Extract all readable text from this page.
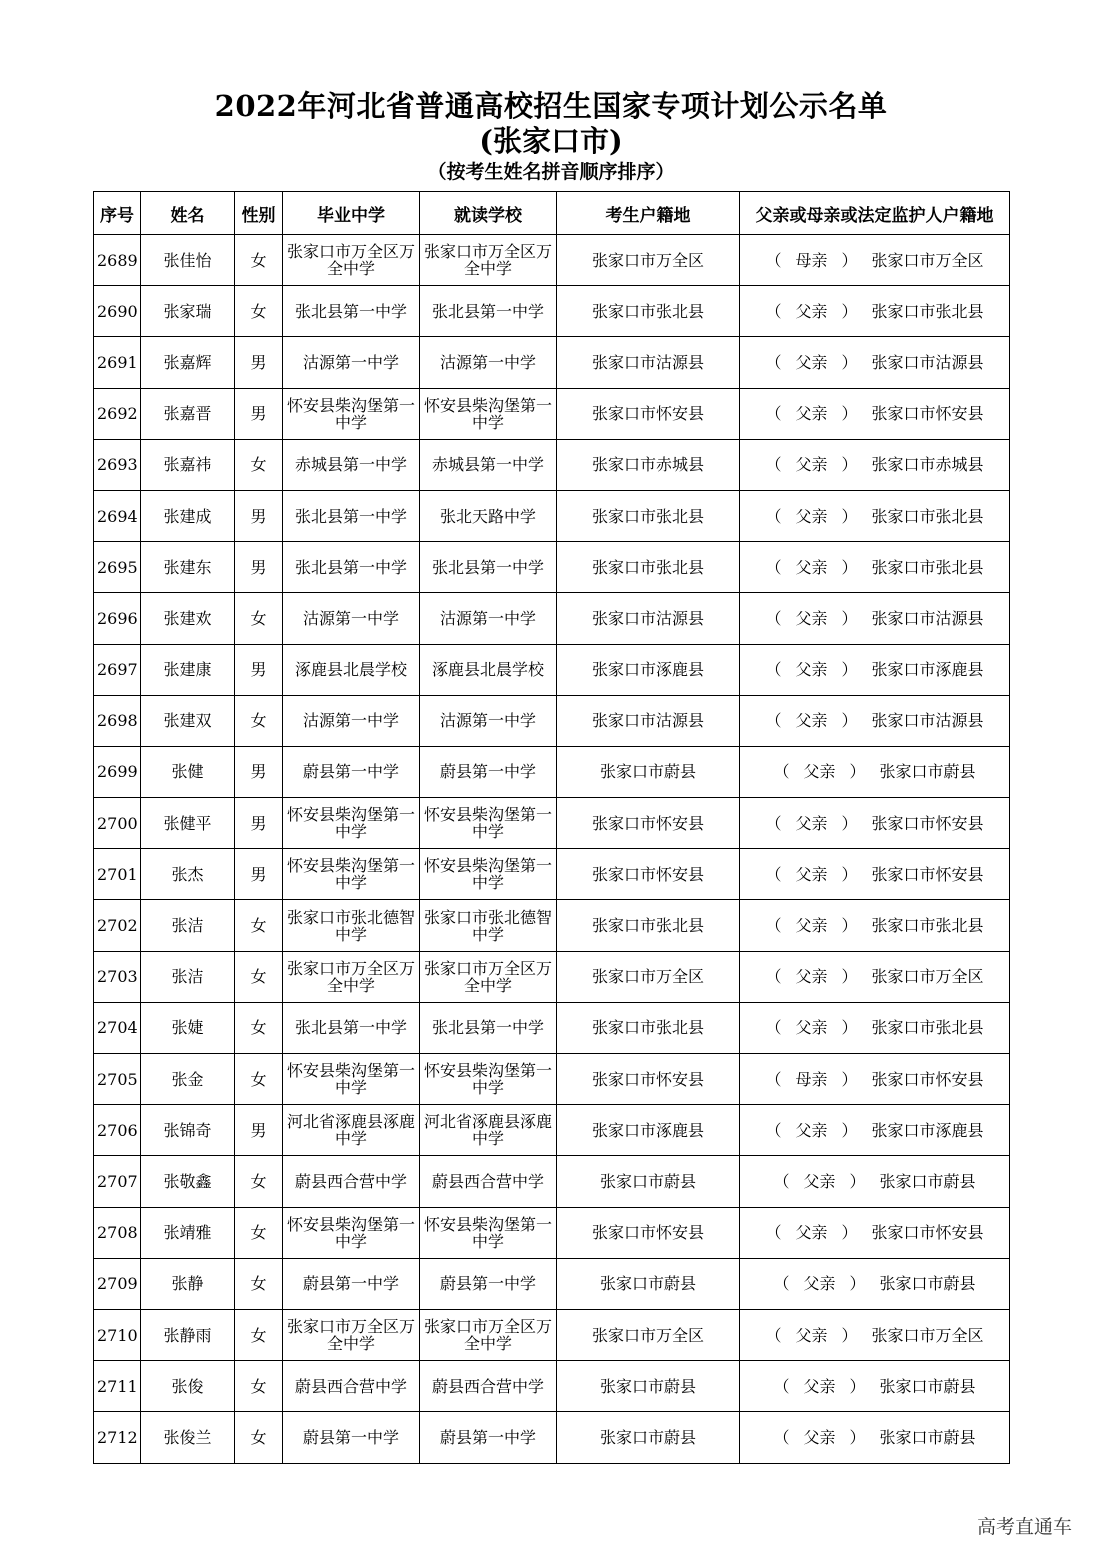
2022年河北省普通高校招生国家专项计划公示名单
(张家口市)
（按考生姓名拼音顺序排序）
序号	姓名	性别	毕业中学	就读学校	考生户籍地	父亲或母亲或法定监护人户籍地
2689	张佳怡	女	张家口市万全区万全中学	张家口市万全区万全中学	张家口市万全区	（ 母亲 ） 张家口市万全区
2690	张家瑞	女	张北县第一中学	张北县第一中学	张家口市张北县	（ 父亲 ） 张家口市张北县
2691	张嘉辉	男	沽源第一中学	沽源第一中学	张家口市沽源县	（ 父亲 ） 张家口市沽源县
2692	张嘉晋	男	怀安县柴沟堡第一中学	怀安县柴沟堡第一中学	张家口市怀安县	（ 父亲 ） 张家口市怀安县
2693	张嘉祎	女	赤城县第一中学	赤城县第一中学	张家口市赤城县	（ 父亲 ） 张家口市赤城县
2694	张建成	男	张北县第一中学	张北天路中学	张家口市张北县	（ 父亲 ） 张家口市张北县
2695	张建东	男	张北县第一中学	张北县第一中学	张家口市张北县	（ 父亲 ） 张家口市张北县
2696	张建欢	女	沽源第一中学	沽源第一中学	张家口市沽源县	（ 父亲 ） 张家口市沽源县
2697	张建康	男	涿鹿县北晨学校	涿鹿县北晨学校	张家口市涿鹿县	（ 父亲 ） 张家口市涿鹿县
2698	张建双	女	沽源第一中学	沽源第一中学	张家口市沽源县	（ 父亲 ） 张家口市沽源县
2699	张健	男	蔚县第一中学	蔚县第一中学	张家口市蔚县	（ 父亲 ） 张家口市蔚县
2700	张健平	男	怀安县柴沟堡第一中学	怀安县柴沟堡第一中学	张家口市怀安县	（ 父亲 ） 张家口市怀安县
2701	张杰	男	怀安县柴沟堡第一中学	怀安县柴沟堡第一中学	张家口市怀安县	（ 父亲 ） 张家口市怀安县
2702	张洁	女	张家口市张北德智中学	张家口市张北德智中学	张家口市张北县	（ 父亲 ） 张家口市张北县
2703	张洁	女	张家口市万全区万全中学	张家口市万全区万全中学	张家口市万全区	（ 父亲 ） 张家口市万全区
2704	张婕	女	张北县第一中学	张北县第一中学	张家口市张北县	（ 父亲 ） 张家口市张北县
2705	张金	女	怀安县柴沟堡第一中学	怀安县柴沟堡第一中学	张家口市怀安县	（ 母亲 ） 张家口市怀安县
2706	张锦奇	男	河北省涿鹿县涿鹿中学	河北省涿鹿县涿鹿中学	张家口市涿鹿县	（ 父亲 ） 张家口市涿鹿县
2707	张敬鑫	女	蔚县西合营中学	蔚县西合营中学	张家口市蔚县	（ 父亲 ） 张家口市蔚县
2708	张靖雅	女	怀安县柴沟堡第一中学	怀安县柴沟堡第一中学	张家口市怀安县	（ 父亲 ） 张家口市怀安县
2709	张静	女	蔚县第一中学	蔚县第一中学	张家口市蔚县	（ 父亲 ） 张家口市蔚县
2710	张静雨	女	张家口市万全区万全中学	张家口市万全区万全中学	张家口市万全区	（ 父亲 ） 张家口市万全区
2711	张俊	女	蔚县西合营中学	蔚县西合营中学	张家口市蔚县	（ 父亲 ） 张家口市蔚县
2712	张俊兰	女	蔚县第一中学	蔚县第一中学	张家口市蔚县	（ 父亲 ） 张家口市蔚县
高考直通车
